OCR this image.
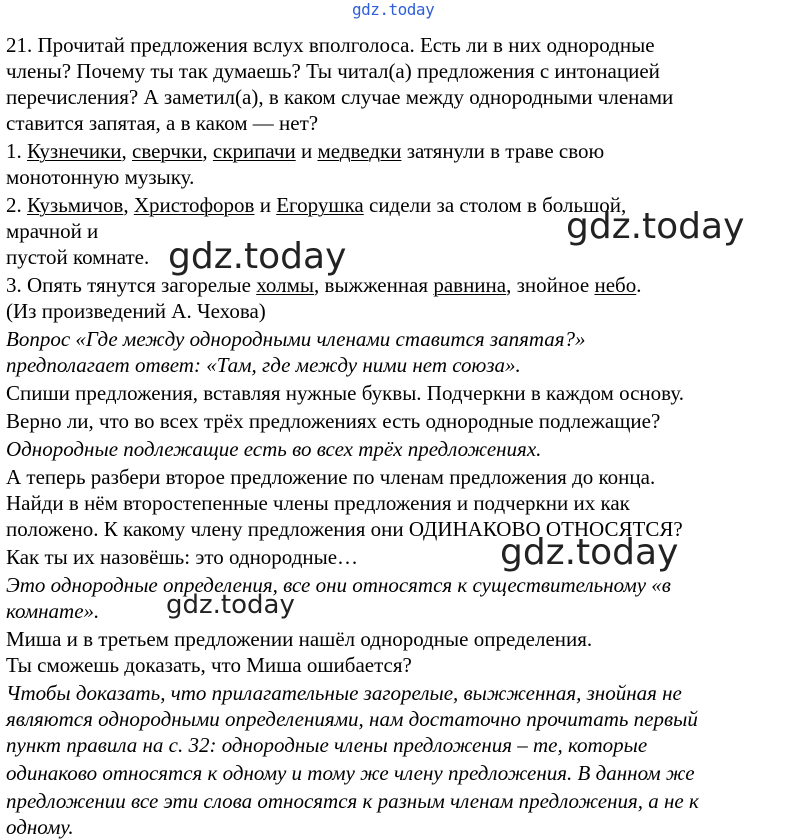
21. Прочитай предложения вслух вполголоса. Есть ли в них однородные
члены? Почему ты так думаешь? Ты читал(а) предложения с интонацией
перечисления? А заметил(а), в каком случае между однородными членами
ставится запятая, а в каком — нет?
1. Кузнечики, сверчки, скрипачи и медведки затянули в траве свою
монотонную музыку.
2. Кузьмичов, Христофоров и Егорушка сидели за столом в большой,
мрачной и
пустой комнате.
3. Опять тянутся загорелые холмы, выжженная равнина, знойное небо.
(Из произведений А. Чехова)
Вопрос «Где между однородными членами ставится запятая?»
предполагает ответ: «Там, где между ними нет союза».
Спиши предложения, вставляя нужные буквы. Подчеркни в каждом основу.
Верно ли, что во всех трёх предложениях есть однородные подлежащие?
Однородные подлежащие есть во всех трёх предложениях.
А теперь разбери второе предложение по членам предложения до конца.
Найди в нём второстепенные члены предложения и подчеркни их как
положено. К какому члену предложения они ОДИНАКОВО ОТНОСЯТСЯ?
Как ты их назовёшь: это однородные…
Это однородные определения, все они относятся к существительному «в
комнате».
Миша и в третьем предложении нашёл однородные определения.
Ты сможешь доказать, что Миша ошибается?
Чтобы доказать, что прилагательные загорелые, выжженная, знойная не
являются однородными определениями, нам достаточно прочитать первый
пункт правила на с. 32: однородные члены предложения – те, которые
одинаково относятся к одному и тому же члену предложения. В данном же
предложении все эти слова относятся к разным членам предложения, а не к
одному.
gdz.today
gdz.today
gdz.today
gdz.today
gdz.today
